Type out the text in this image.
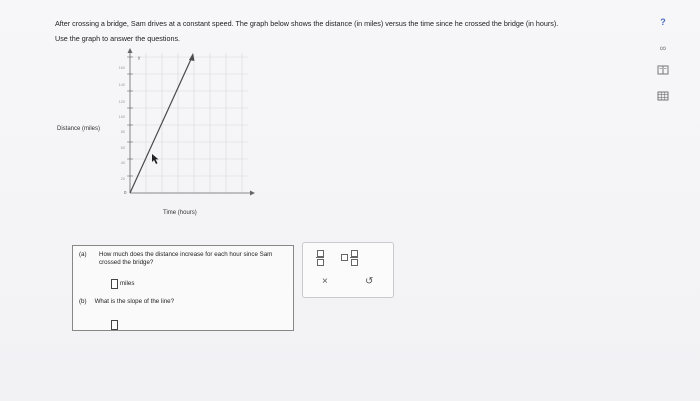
After crossing a bridge, Sam drives at a constant speed. The graph below shows the distance (in miles) versus the time since he crossed the bridge (in hours).
Use the graph to answer the questions.
160
140
120
100
80
60
40
20
y
0
Distance (miles)
Time (hours)
(a) How much does the distance increase for each hour since Sam crossed the bridge?
miles
(b) What is the slope of the line?
×	↺
?
∞
